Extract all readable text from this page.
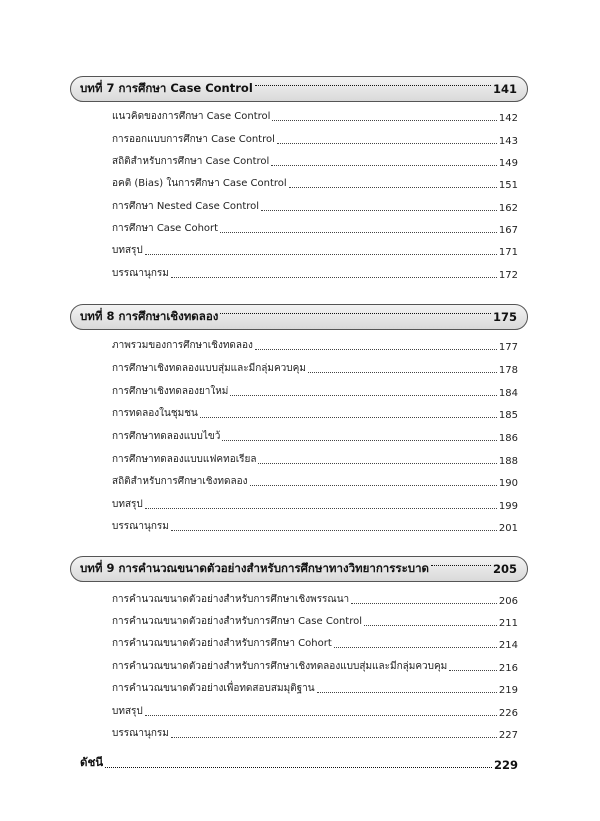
บทที่ 7 การศึกษา Case Control	141
แนวคิดของการศึกษา Case Control	142
การออกแบบการศึกษา Case Control	143
สถิติสำหรับการศึกษา Case Control	149
อคติ (Bias) ในการศึกษา Case Control	151
การศึกษา Nested Case Control	162
การศึกษา Case Cohort	167
บทสรุป	171
บรรณานุกรม	172
บทที่ 8 การศึกษาเชิงทดลอง	175
ภาพรวมของการศึกษาเชิงทดลอง	177
การศึกษาเชิงทดลองแบบสุ่มและมีกลุ่มควบคุม	178
การศึกษาเชิงทดลองยาใหม่	184
การทดลองในชุมชน	185
การศึกษาทดลองแบบไขว้	186
การศึกษาทดลองแบบแฟคทอเรียล	188
สถิติสำหรับการศึกษาเชิงทดลอง	190
บทสรุป	199
บรรณานุกรม	201
บทที่ 9 การคำนวณขนาดตัวอย่างสำหรับการศึกษาทางวิทยาการระบาด	205
การคำนวณขนาดตัวอย่างสำหรับการศึกษาเชิงพรรณนา	206
การคำนวณขนาดตัวอย่างสำหรับการศึกษา Case Control	211
การคำนวณขนาดตัวอย่างสำหรับการศึกษา Cohort	214
การคำนวณขนาดตัวอย่างสำหรับการศึกษาเชิงทดลองแบบสุ่มและมีกลุ่มควบคุม	216
การคำนวณขนาดตัวอย่างเพื่อทดสอบสมมุติฐาน	219
บทสรุป	226
บรรณานุกรม	227
ดัชนี	229
